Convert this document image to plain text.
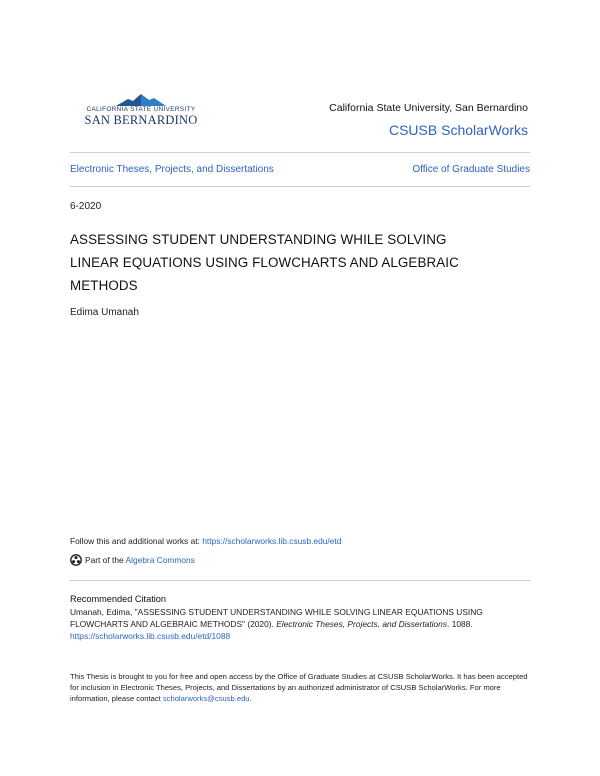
CALIFORNIA STATE UNIVERSITY
SAN BERNARDINO
California State University, San Bernardino
CSUSB ScholarWorks
Electronic Theses, Projects, and Dissertations	Office of Graduate Studies
6-2020
ASSESSING STUDENT UNDERSTANDING WHILE SOLVING LINEAR EQUATIONS USING FLOWCHARTS AND ALGEBRAIC METHODS
Edima Umanah
Follow this and additional works at: https://scholarworks.lib.csusb.edu/etd
Part of the Algebra Commons
Recommended Citation
Umanah, Edima, "ASSESSING STUDENT UNDERSTANDING WHILE SOLVING LINEAR EQUATIONS USING FLOWCHARTS AND ALGEBRAIC METHODS" (2020). Electronic Theses, Projects, and Dissertations. 1088.
https://scholarworks.lib.csusb.edu/etd/1088
This Thesis is brought to you for free and open access by the Office of Graduate Studies at CSUSB ScholarWorks. It has been accepted for inclusion in Electronic Theses, Projects, and Dissertations by an authorized administrator of CSUSB ScholarWorks. For more information, please contact scholarworks@csusb.edu.
